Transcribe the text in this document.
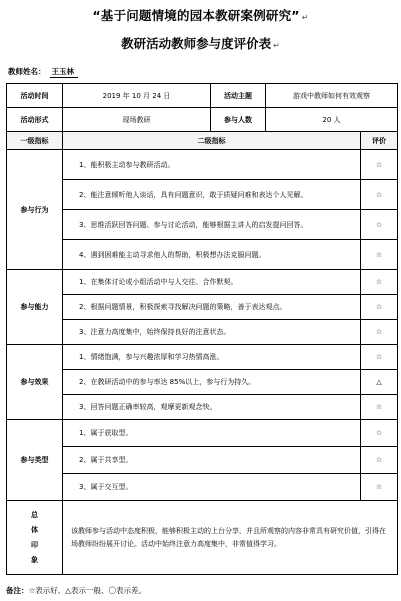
“基于问题情境的园本教研案例研究” ↵
教研活动教师参与度评价表 ↵
教师姓名： 王玉林
活动时间	2019 年 10 月 24 日	活动主题	游戏中教师如何有效观察	
活动形式	现场教研	参与人数	20 人	
一级指标	二级指标			评价
参与行为	1、能积极主动参与教研活动。			☆
	2、能注意倾听他人谈话，具有问题意识，敢于质疑问难和表达个人见解。			☆
	3、思维活跃回答问题、参与讨论活动，能够根据主讲人的启发提问回答。			☆
	4、遇到困难能主动寻求他人的帮助，积极想办法克服问题。			☆
参与能力	1、在集体讨论或小组活动中与人交往、合作默契。			☆
	2、根据问题情景，积极探索寻找解决问题的策略，善于表达观点。			☆
	3、注意力高度集中，始终保持良好的注意状态。			☆
参与效果	1、情绪饱满，参与兴趣浓厚和学习热情高涨。			☆
	2、在教研活动中的参与率达 85%以上，参与行为持久。			△
	3、回答问题正确率较高，观摩更新观念快。			☆
参与类型	1、属于获取型。			☆
	2、属于共享型。			☆
	3、属于交互型。			☆

总
体
印
象	该教师参与活动中态度积极，能够积极主动的上台分享，并且所观察的内容非常具有研究价值，引得在场教师纷纷展开讨论。活动中始终注意力高度集中，非常值得学习。			
备注：☆表示好、△表示一般、〇表示差。
